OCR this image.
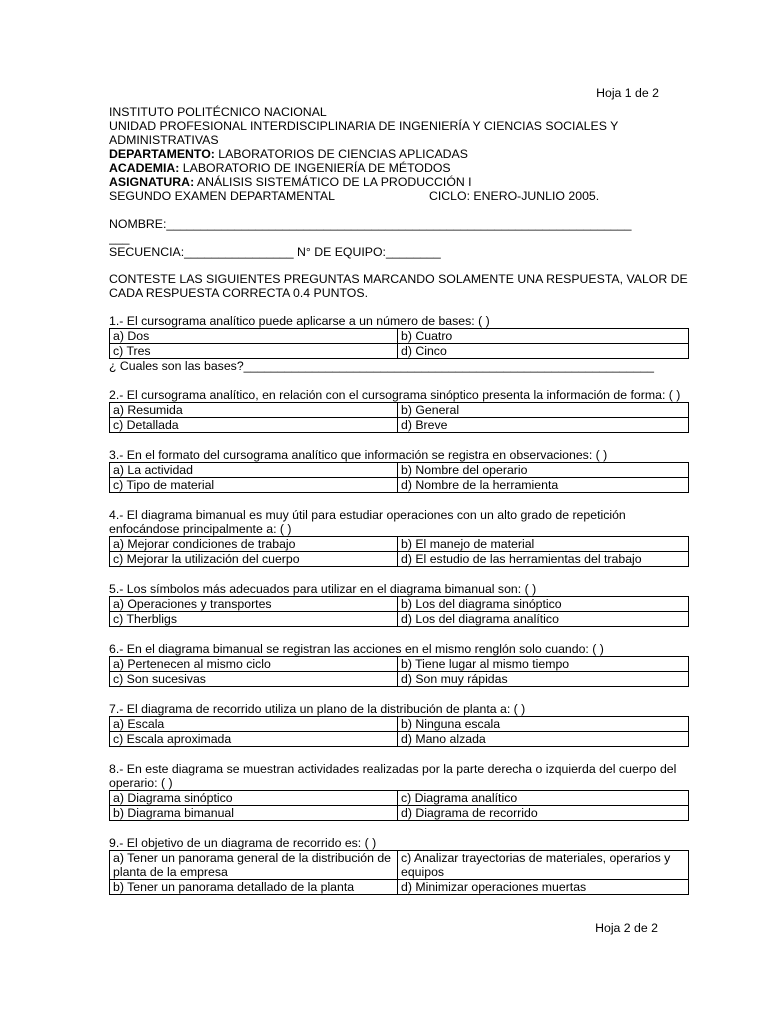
Hoja 1 de 2
INSTITUTO POLITÉCNICO NACIONAL
UNIDAD PROFESIONAL INTERDISCIPLINARIA DE INGENIERÍA Y CIENCIAS SOCIALES Y ADMINISTRATIVAS
DEPARTAMENTO: LABORATORIOS DE CIENCIAS APLICADAS
ACADEMIA: LABORATORIO DE INGENIERÍA DE MÉTODOS
ASIGNATURA: ANÁLISIS SISTEMÁTICO DE LA PRODUCCIÓN I
SEGUNDO EXAMEN DEPARTAMENTAL	CICLO: ENERO-JUNLIO 2005.
NOMBRE:____________________________________________________________________
___
SECUENCIA:________________ N° DE EQUIPO:________
CONTESTE LAS SIGUIENTES PREGUNTAS MARCANDO SOLAMENTE UNA RESPUESTA, VALOR DE CADA RESPUESTA CORRECTA 0.4 PUNTOS.
1.- El cursograma analítico puede aplicarse a un número de bases: ( )
a) Dos	b) Cuatro
c) Tres	d) Cinco
¿ Cuales son las bases?____________________________________________________________
2.- El cursograma analítico, en relación con el cursograma sinóptico presenta la información de forma: ( )
a) Resumida	b) General
c) Detallada	d) Breve
3.- En el formato del cursograma analítico que información se registra en observaciones: ( )
a) La actividad	b) Nombre del operario
c) Tipo de material	d) Nombre de la herramienta
4.- El diagrama bimanual es muy útil para estudiar operaciones con un alto grado de repetición enfocándose principalmente a: ( )
a) Mejorar condiciones de trabajo	b) El manejo de material
c) Mejorar la utilización del cuerpo	d) El estudio de las herramientas del trabajo
5.- Los símbolos más adecuados para utilizar en el diagrama bimanual son: ( )
a) Operaciones y transportes	b) Los del diagrama sinóptico
c) Therbligs	d) Los del diagrama analítico
6.- En el diagrama bimanual se registran las acciones en el mismo renglón solo cuando: ( )
a) Pertenecen al mismo ciclo	b) Tiene lugar al mismo tiempo
c) Son sucesivas	d) Son muy rápidas
7.- El diagrama de recorrido utiliza un plano de la distribución de planta a: ( )
a) Escala	b) Ninguna escala
c) Escala aproximada	d) Mano alzada
8.- En este diagrama se muestran actividades realizadas por la parte derecha o izquierda del cuerpo del operario: ( )
a) Diagrama sinóptico	c) Diagrama analítico
b) Diagrama bimanual	d) Diagrama de recorrido
9.- El objetivo de un diagrama de recorrido es: ( )
a) Tener un panorama general de la distribución de planta de la empresa	c) Analizar trayectorias de materiales, operarios y equipos
b) Tener un panorama detallado de la planta	d) Minimizar operaciones muertas
Hoja 2 de 2
